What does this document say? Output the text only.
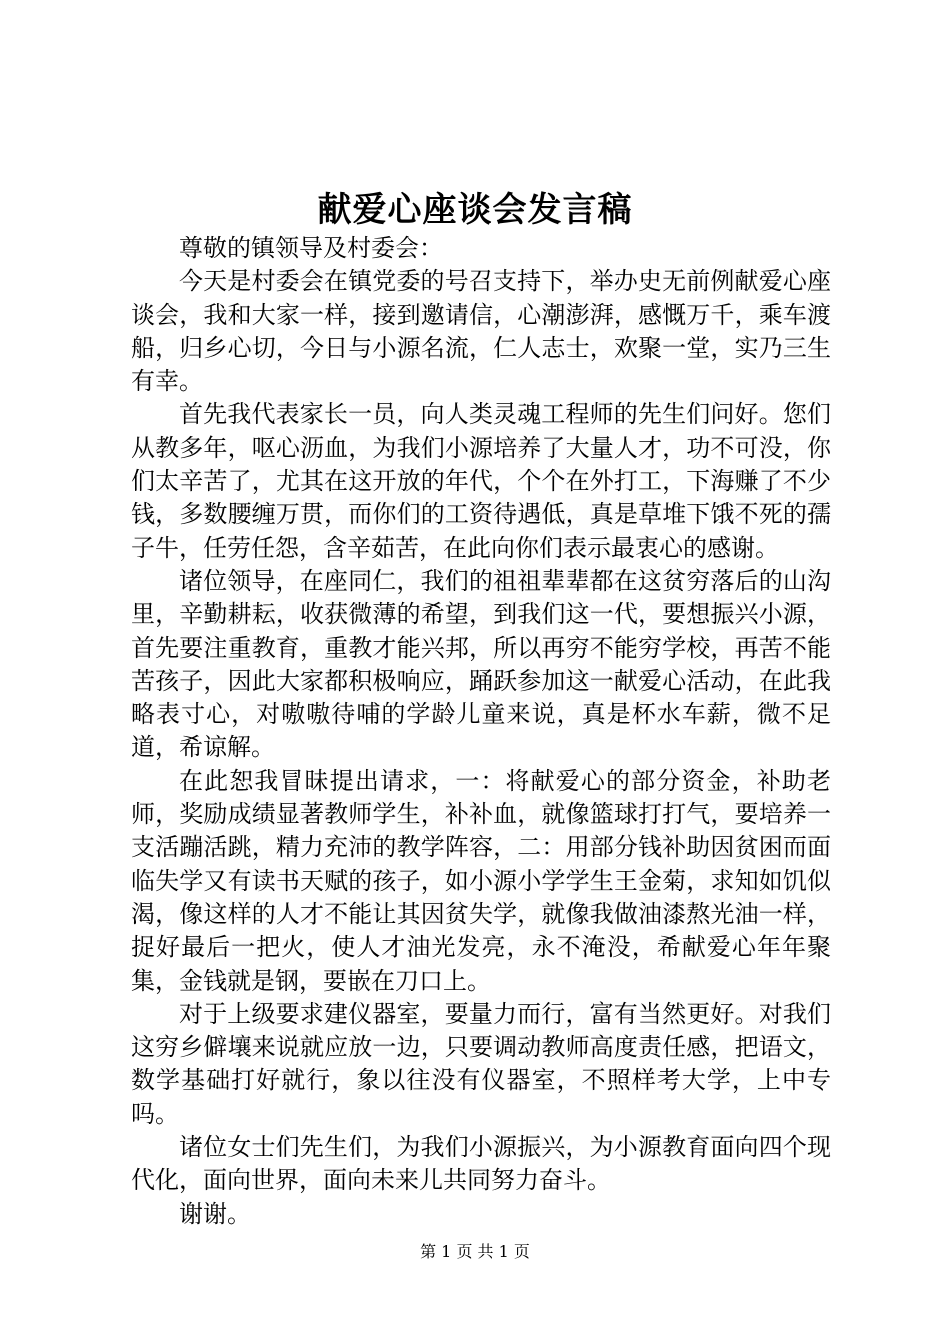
献爱心座谈会发言稿

尊敬的镇领导及村委会：

今天是村委会在镇党委的号召支持下，举办史无前例献爱心座谈会，我和大家一样，接到邀请信，心潮澎湃，感慨万千，乘车渡船，归乡心切，今日与小源名流，仁人志士，欢聚一堂，实乃三生有幸。

首先我代表家长一员，向人类灵魂工程师的先生们问好。您们从教多年，呕心沥血，为我们小源培养了大量人才，功不可没，你们太辛苦了，尤其在这开放的年代，个个在外打工，下海赚了不少钱，多数腰缠万贯，而你们的工资待遇低，真是草堆下饿不死的孺子牛，任劳任怨，含辛茹苦，在此向你们表示最衷心的感谢。

诸位领导，在座同仁，我们的祖祖辈辈都在这贫穷落后的山沟里，辛勤耕耘，收获微薄的希望，到我们这一代，要想振兴小源，首先要注重教育，重教才能兴邦，所以再穷不能穷学校，再苦不能苦孩子，因此大家都积极响应，踊跃参加这一献爱心活动，在此我略表寸心，对嗷嗷待哺的学龄儿童来说，真是杯水车薪，微不足道，希谅解。

在此恕我冒昧提出请求，一：将献爱心的部分资金，补助老师，奖励成绩显著教师学生，补补血，就像篮球打打气，要培养一支活蹦活跳，精力充沛的教学阵容，二：用部分钱补助因贫困而面临失学又有读书天赋的孩子，如小源小学学生王金菊，求知如饥似渴，像这样的人才不能让其因贫失学，就像我做油漆熬光油一样，捉好最后一把火，使人才油光发亮，永不淹没，希献爱心年年聚集，金钱就是钢，要嵌在刀口上。

对于上级要求建仪器室，要量力而行，富有当然更好。对我们这穷乡僻壤来说就应放一边，只要调动教师高度责任感，把语文，数学基础打好就行，象以往没有仪器室，不照样考大学，上中专吗。

诸位女士们先生们，为我们小源振兴，为小源教育面向四个现代化，面向世界，面向未来儿共同努力奋斗。

谢谢。

第 1 页 共 1 页
